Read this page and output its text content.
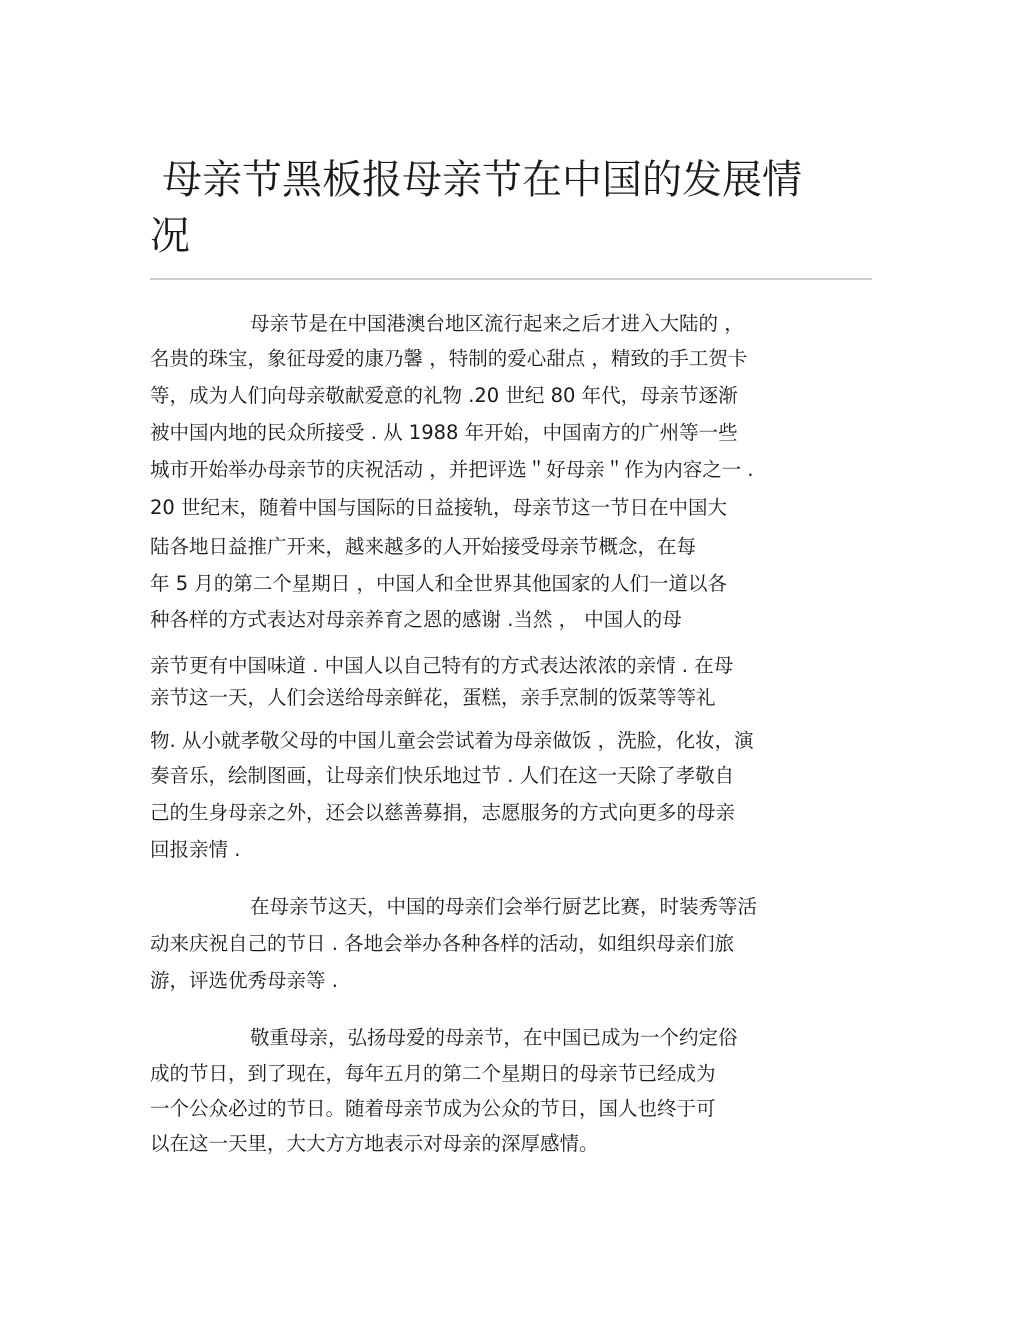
母亲节黑板报母亲节在中国的发展情
况
母亲节是在中国港澳台地区流行起来之后才进入大陆的 ，
名贵的珠宝，象征母爱的康乃馨 ，特制的爱心甜点 ，精致的手工贺卡
等，成为人们向母亲敬献爱意的礼物 .20 世纪 80 年代，母亲节逐渐
被中国内地的民众所接受 . 从 1988 年开始，中国南方的广州等一些
城市开始举办母亲节的庆祝活动 ，并把评选＂好母亲＂作为内容之一 .
20 世纪末，随着中国与国际的日益接轨，母亲节这一节日在中国大
陆各地日益推广开来，越来越多的人开始接受母亲节概念，在每
年 5 月的第二个星期日 ，中国人和全世界其他国家的人们一道以各
种各样的方式表达对母亲养育之恩的感谢 .当然 ， 中国人的母
亲节更有中国味道 . 中国人以自己特有的方式表达浓浓的亲情 . 在母
亲节这一天，人们会送给母亲鲜花，蛋糕，亲手烹制的饭菜等等礼
物. 从小就孝敬父母的中国儿童会尝试着为母亲做饭 ，洗脸，化妆，演
奏音乐，绘制图画，让母亲们快乐地过节 . 人们在这一天除了孝敬自
己的生身母亲之外，还会以慈善募捐，志愿服务的方式向更多的母亲
回报亲情 .
在母亲节这天，中国的母亲们会举行厨艺比赛，时装秀等活
动来庆祝自己的节日 . 各地会举办各种各样的活动，如组织母亲们旅
游，评选优秀母亲等 .
敬重母亲，弘扬母爱的母亲节，在中国已成为一个约定俗
成的节日，到了现在，每年五月的第二个星期日的母亲节已经成为
一个公众必过的节日。随着母亲节成为公众的节日，国人也终于可
以在这一天里，大大方方地表示对母亲的深厚感情。
